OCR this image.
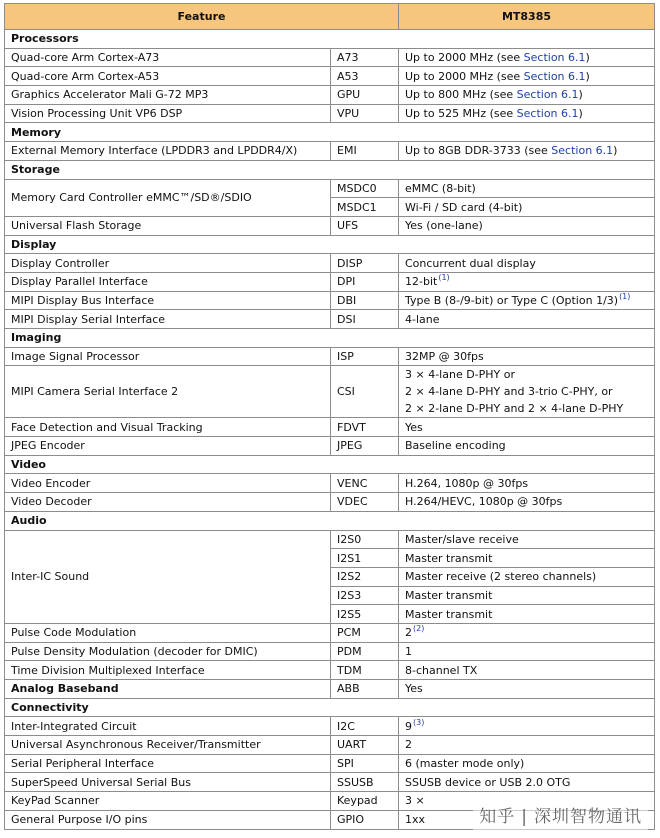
Feature		MT8385
Processors		
Quad-core Arm Cortex-A73	A73	Up to 2000 MHz (see Section 6.1)
Quad-core Arm Cortex-A53	A53	Up to 2000 MHz (see Section 6.1)
Graphics Accelerator Mali G-72 MP3	GPU	Up to 800 MHz (see Section 6.1)
Vision Processing Unit VP6 DSP	VPU	Up to 525 MHz (see Section 6.1)
Memory		
External Memory Interface (LPDDR3 and LPDDR4/X)	EMI	Up to 8GB DDR-3733 (see Section 6.1)
Storage		
Memory Card Controller eMMC™/SD®/SDIO	MSDC0	eMMC (8-bit)
	MSDC1	Wi-Fi / SD card (4-bit)
Universal Flash Storage	UFS	Yes (one-lane)
Display		
Display Controller	DISP	Concurrent dual display
Display Parallel Interface	DPI	12-bit$^{(1)}$
MIPI Display Bus Interface	DBI	Type B (8-/9-bit) or Type C (Option 1/3)$^{(1)}$
MIPI Display Serial Interface	DSI	4-lane
Imaging		
Image Signal Processor	ISP	32MP @ 30fps
MIPI Camera Serial Interface 2	CSI	3 × 4-lane D-PHY or
2 × 4-lane D-PHY and 3-trio C-PHY, or
2 × 2-lane D-PHY and 2 × 4-lane D-PHY

Face Detection and Visual Tracking	FDVT	Yes
JPEG Encoder	JPEG	Baseline encoding
Video		
Video Encoder	VENC	H.264, 1080p @ 30fps
Video Decoder	VDEC	H.264/HEVC, 1080p @ 30fps
Audio		
Inter-IC Sound	I2S0	Master/slave receive
	I2S1	Master transmit
	I2S2	Master receive (2 stereo channels)
	I2S3	Master transmit
	I2S5	Master transmit
Pulse Code Modulation	PCM	2$^{(2)}$
Pulse Density Modulation (decoder for DMIC)	PDM	1
Time Division Multiplexed Interface	TDM	8-channel TX
Analog Baseband	ABB	Yes
Connectivity		
Inter-Integrated Circuit	I2C	9$^{(3)}$
Universal Asynchronous Receiver/Transmitter	UART	2
Serial Peripheral Interface	SPI	6 (master mode only)
SuperSpeed Universal Serial Bus	SSUSB	SSUSB device or USB 2.0 OTG
KeyPad Scanner	Keypad	3 ×
General Purpose I/O pins	GPIO	1xx	知乎 | 深圳智物通讯
